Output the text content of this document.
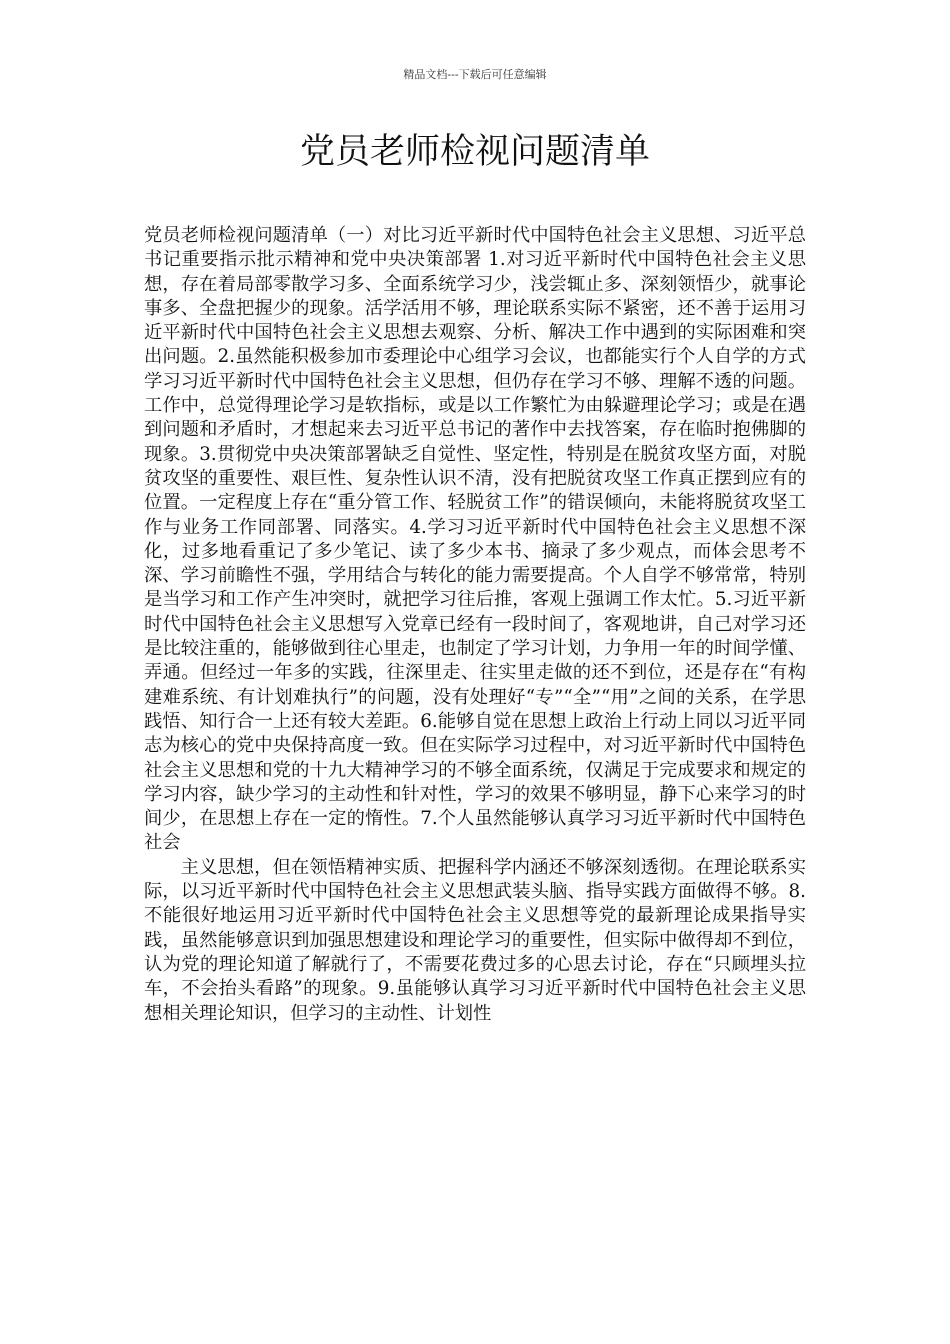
精品文档---下载后可任意编辑
党员老师检视问题清单

党员老师检视问题清单（一）对比习近平新时代中国特色社会主义思想、习近平总书记重要指示批示精神和党中央决策部署 1.对习近平新时代中国特色社会主义思想，存在着局部零散学习多、全面系统学习少，浅尝辄止多、深刻领悟少，就事论事多、全盘把握少的现象。活学活用不够，理论联系实际不紧密，还不善于运用习近平新时代中国特色社会主义思想去观察、分析、解决工作中遇到的实际困难和突出问题。2.虽然能积极参加市委理论中心组学习会议，也都能实行个人自学的方式学习习近平新时代中国特色社会主义思想，但仍存在学习不够、理解不透的问题。工作中，总觉得理论学习是软指标，或是以工作繁忙为由躲避理论学习；或是在遇到问题和矛盾时，才想起来去习近平总书记的著作中去找答案，存在临时抱佛脚的现象。3.贯彻党中央决策部署缺乏自觉性、坚定性，特别是在脱贫攻坚方面，对脱贫攻坚的重要性、艰巨性、复杂性认识不清，没有把脱贫攻坚工作真正摆到应有的位置。一定程度上存在“重分管工作、轻脱贫工作”的错误倾向，未能将脱贫攻坚工作与业务工作同部署、同落实。4.学习习近平新时代中国特色社会主义思想不深化，过多地看重记了多少笔记、读了多少本书、摘录了多少观点，而体会思考不深、学习前瞻性不强，学用结合与转化的能力需要提高。个人自学不够常常，特别是当学习和工作产生冲突时，就把学习往后推，客观上强调工作太忙。5.习近平新时代中国特色社会主义思想写入党章已经有一段时间了，客观地讲，自己对学习还是比较注重的，能够做到往心里走，也制定了学习计划，力争用一年的时间学懂、弄通。但经过一年多的实践，往深里走、往实里走做的还不到位，还是存在“有构建难系统、有计划难执行”的问题，没有处理好“专”“全”“用”之间的关系，在学思践悟、知行合一上还有较大差距。6.能够自觉在思想上政治上行动上同以习近平同志为核心的党中央保持高度一致。但在实际学习过程中，对习近平新时代中国特色社会主义思想和党的十九大精神学习的不够全面系统，仅满足于完成要求和规定的学习内容，缺少学习的主动性和针对性，学习的效果不够明显，静下心来学习的时间少，在思想上存在一定的惰性。7.个人虽然能够认真学习习近平新时代中国特色社会

主义思想，但在领悟精神实质、把握科学内涵还不够深刻透彻。在理论联系实际，以习近平新时代中国特色社会主义思想武装头脑、指导实践方面做得不够。8.不能很好地运用习近平新时代中国特色社会主义思想等党的最新理论成果指导实践，虽然能够意识到加强思想建设和理论学习的重要性，但实际中做得却不到位，认为党的理论知道了解就行了，不需要花费过多的心思去讨论，存在“只顾埋头拉车，不会抬头看路”的现象。9.虽能够认真学习习近平新时代中国特色社会主义思想相关理论知识，但学习的主动性、计划性
